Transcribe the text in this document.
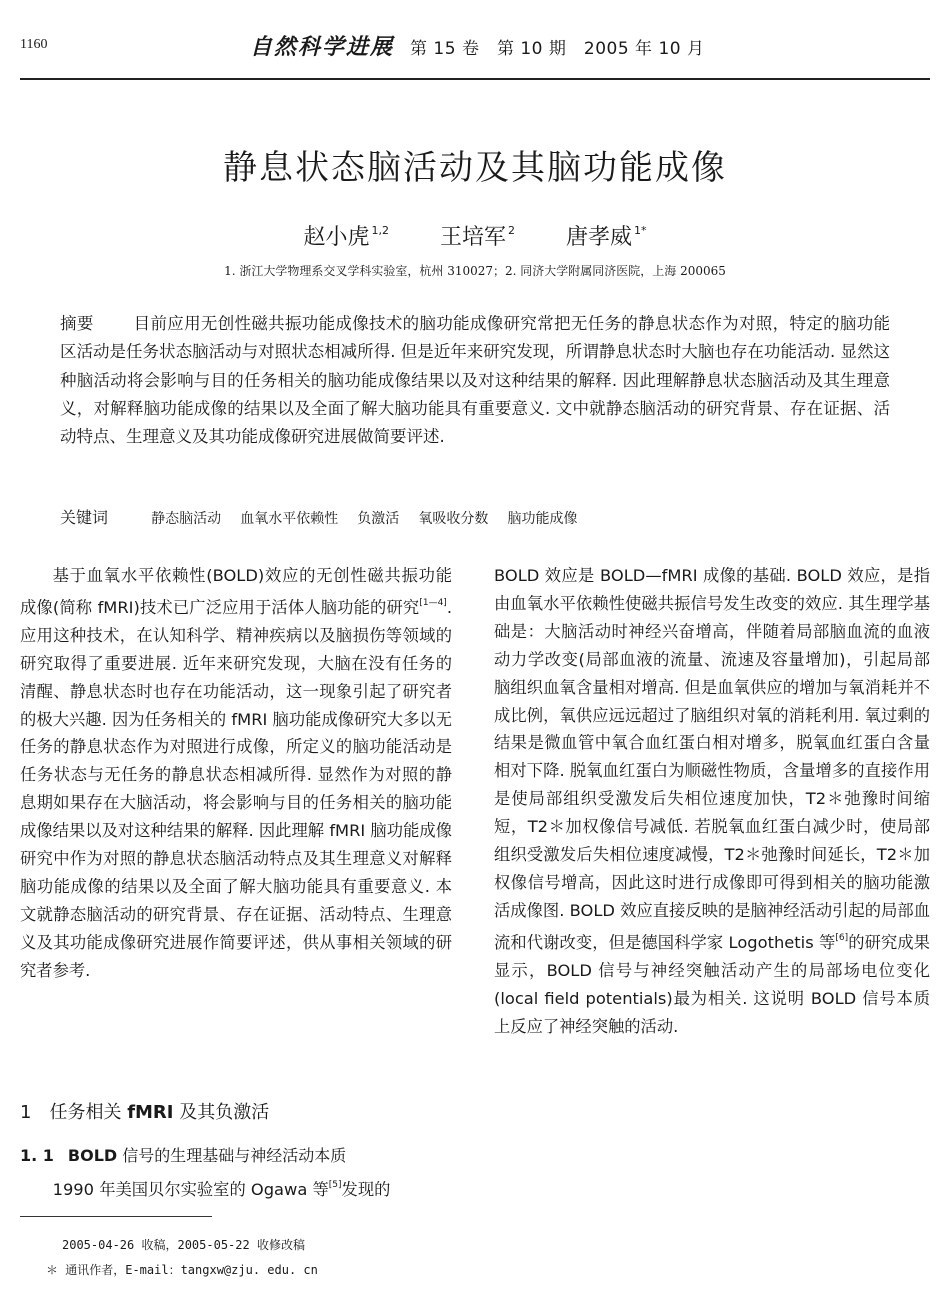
1160	自然科学进展 第 15 卷　第 10 期　2005 年 10 月
静息状态脑活动及其脑功能成像
赵小虎 $^{1,2}$ 王培军 $^2$ 唐孝威 $^{1*}$
1. 浙江大学物理系交叉学科实验室，杭州 310027；2. 同济大学附属同济医院，上海 200065
摘要 目前应用无创性磁共振功能成像技术的脑功能成像研究常把无任务的静息状态作为对照，特定的脑功能区活动是任务状态脑活动与对照状态相减所得. 但是近年来研究发现，所谓静息状态时大脑也存在功能活动. 显然这种脑活动将会影响与目的任务相关的脑功能成像结果以及对这种结果的解释. 因此理解静息状态脑活动及其生理意义，对解释脑功能成像的结果以及全面了解大脑功能具有重要意义. 文中就静态脑活动的研究背景、存在证据、活动特点、生理意义及其功能成像研究进展做简要评述.
关键词	静态脑活动 血氧水平依赖性 负激活 氧吸收分数 脑功能成像

基于血氧水平依赖性(BOLD)效应的无创性磁共振功能成像(简称 fMRI)技术已广泛应用于活体人脑功能的研究[1—4]. 应用这种技术，在认知科学、精神疾病以及脑损伤等领域的研究取得了重要进展. 近年来研究发现，大脑在没有任务的清醒、静息状态时也存在功能活动，这一现象引起了研究者的极大兴趣. 因为任务相关的 fMRI 脑功能成像研究大多以无任务的静息状态作为对照进行成像，所定义的脑功能活动是任务状态与无任务的静息状态相减所得. 显然作为对照的静息期如果存在大脑活动，将会影响与目的任务相关的脑功能成像结果以及对这种结果的解释. 因此理解 fMRI 脑功能成像研究中作为对照的静息状态脑活动特点及其生理意义对解释脑功能成像的结果以及全面了解大脑功能具有重要意义. 本文就静态脑活动的研究背景、存在证据、活动特点、生理意义及其功能成像研究进展作简要评述，供从事相关领域的研究者参考.

1 任务相关 fMRI 及其负激活
1. 1 BOLD 信号的生理基础与神经活动本质
1990 年美国贝尔实验室的 Ogawa 等[5]发现的

BOLD 效应是 BOLD—fMRI 成像的基础. BOLD 效应，是指由血氧水平依赖性使磁共振信号发生改变的效应. 其生理学基础是：大脑活动时神经兴奋增高，伴随着局部脑血流的血液动力学改变(局部血液的流量、流速及容量增加)，引起局部脑组织血氧含量相对增高. 但是血氧供应的增加与氧消耗并不成比例，氧供应远远超过了脑组织对氧的消耗利用. 氧过剩的结果是微血管中氧合血红蛋白相对增多，脱氧血红蛋白含量相对下降. 脱氧血红蛋白为顺磁性物质，含量增多的直接作用是使局部组织受激发后失相位速度加快，T2＊弛豫时间缩短，T2＊加权像信号减低. 若脱氧血红蛋白减少时，使局部组织受激发后失相位速度减慢，T2＊弛豫时间延长，T2＊加权像信号增高，因此这时进行成像即可得到相关的脑功能激活成像图. BOLD 效应直接反映的是脑神经活动引起的局部血流和代谢改变，但是德国科学家 Logothetis 等[6]的研究成果显示，BOLD 信号与神经突触活动产生的局部场电位变化(local field potentials)最为相关. 这说明 BOLD 信号本质上反应了神经突触的活动.

2005-04-26 收稿，2005-05-22 收修改稿
＊ 通讯作者，E-mail：tangxw@zju. edu. cn
